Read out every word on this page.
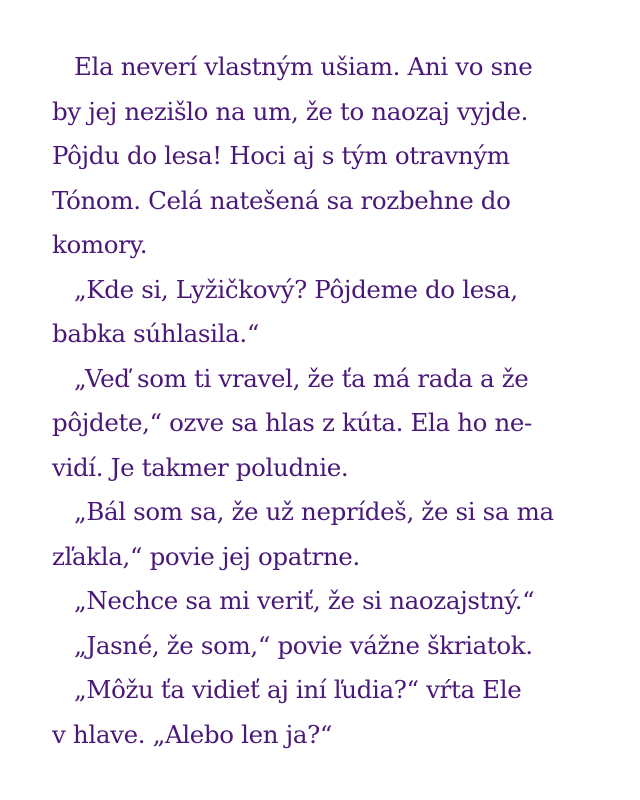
Ela neverí vlastným ušiam. Ani vo sne
by jej nezišlo na um, že to naozaj vyjde.
Pôjdu do lesa! Hoci aj s tým otravným
Tónom. Celá natešená sa rozbehne do
komory.
„Kde si, Lyžičkový? Pôjdeme do lesa,
babka súhlasila.“
„Veď som ti vravel, že ťa má rada a že
pôjdete,“ ozve sa hlas z kúta. Ela ho ne-
vidí. Je takmer poludnie.
„Bál som sa, že už neprídeš, že si sa ma
zľakla,“ povie jej opatrne.
„Nechce sa mi veriť, že si naozajstný.“
„Jasné, že som,“ povie vážne škriatok.
„Môžu ťa vidieť aj iní ľudia?“ vŕta Ele
v hlave. „Alebo len ja?“
